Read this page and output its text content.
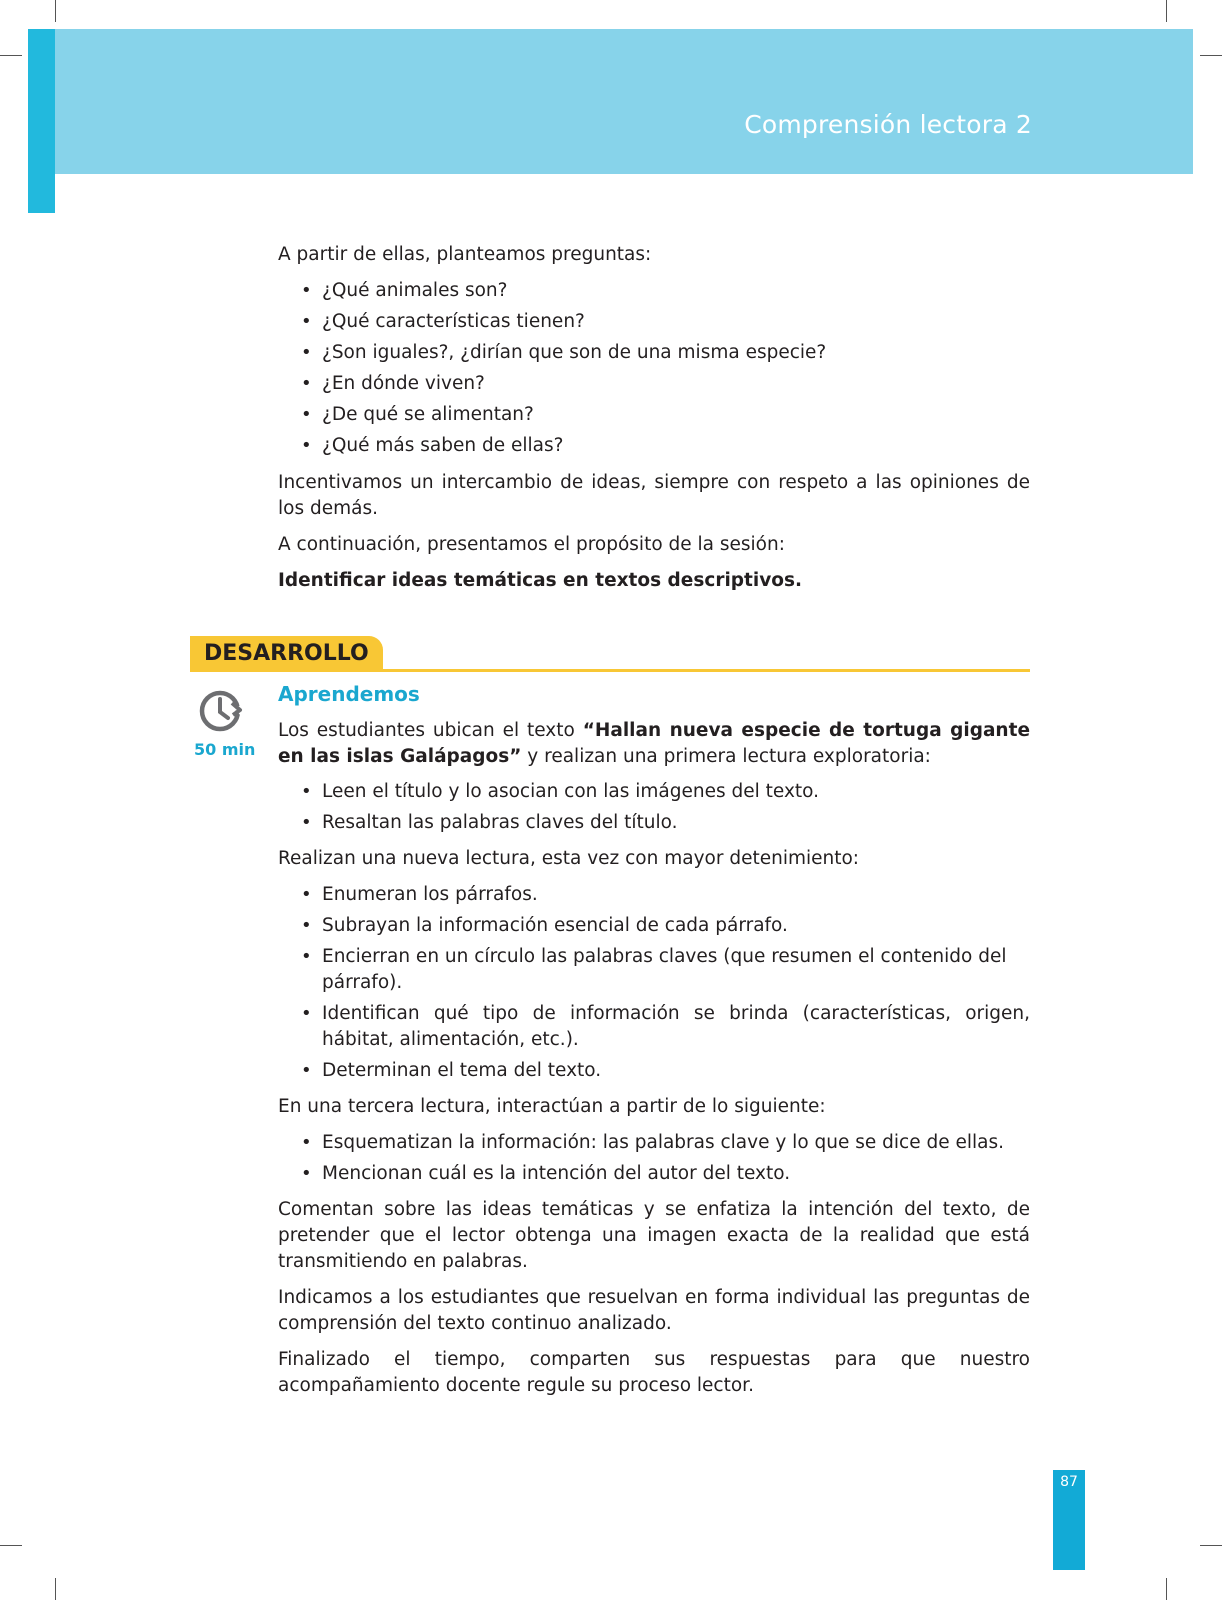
Comprensión lectora 2

A partir de ellas, planteamos preguntas:

• ¿Qué animales son?
• ¿Qué características tienen?
• ¿Son iguales?, ¿dirían que son de una misma especie?
• ¿En dónde viven?
• ¿De qué se alimentan?
• ¿Qué más saben de ellas?

Incentivamos un intercambio de ideas, siempre con respeto a las opiniones de los demás.

A continuación, presentamos el propósito de la sesión:

Identificar ideas temáticas en textos descriptivos.

DESARROLLO
50 min
Aprendemos

Los estudiantes ubican el texto “Hallan nueva especie de tortuga gigante en las islas Galápagos” y realizan una primera lectura exploratoria:

• Leen el título y lo asocian con las imágenes del texto.
• Resaltan las palabras claves del título.

Realizan una nueva lectura, esta vez con mayor detenimiento:

• Enumeran los párrafos.
• Subrayan la información esencial de cada párrafo.
• Encierran en un círculo las palabras claves (que resumen el contenido del párrafo).
• Identifican qué tipo de información se brinda (características, origen, hábitat, alimentación, etc.).
• Determinan el tema del texto.

En una tercera lectura, interactúan a partir de lo siguiente:

• Esquematizan la información: las palabras clave y lo que se dice de ellas.
• Mencionan cuál es la intención del autor del texto.

Comentan sobre las ideas temáticas y se enfatiza la intención del texto, de pretender que el lector obtenga una imagen exacta de la realidad que está transmitiendo en palabras.

Indicamos a los estudiantes que resuelvan en forma individual las preguntas de comprensión del texto continuo analizado.

Finalizado el tiempo, comparten sus respuestas para que nuestro acompañamiento docente regule su proceso lector.

87
